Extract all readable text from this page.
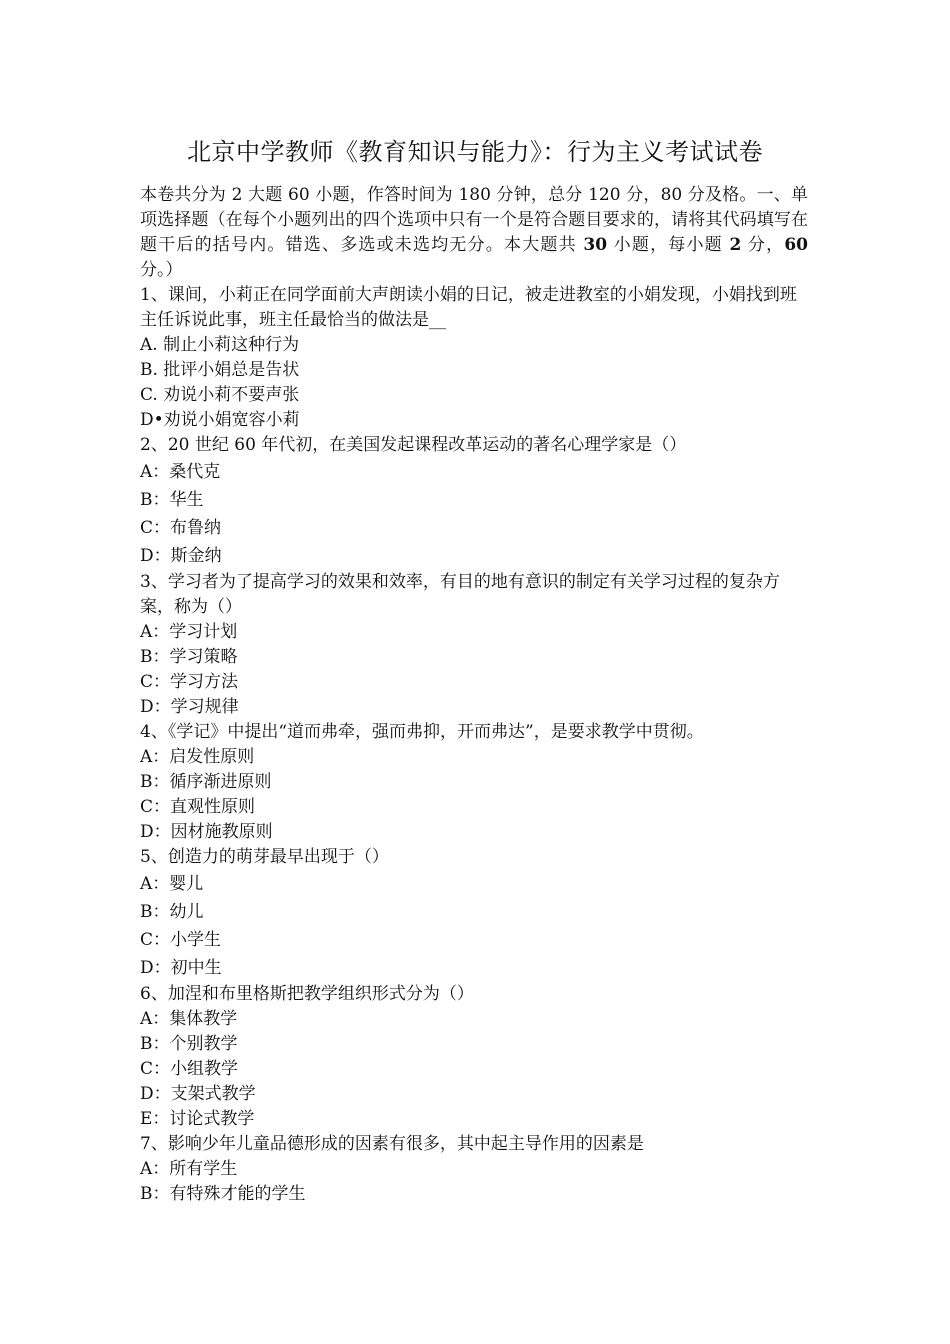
北京中学教师《教育知识与能力》：行为主义考试试卷
本卷共分为 2 大题 60 小题，作答时间为 180 分钟，总分 120 分，80 分及格。一、单项选择题（在每个小题列出的四个选项中只有一个是符合题目要求的，请将其代码填写在题干后的括号内。错选、多选或未选均无分。本大题共 30 小题，每小题 2 分，60 分。）
1、课间，小莉正在同学面前大声朗读小娟的日记，被走进教室的小娟发现，小娟找到班主任诉说此事，班主任最恰当的做法是__
A. 制止小莉这种行为
B. 批评小娟总是告状
C. 劝说小莉不要声张
D•劝说小娟宽容小莉
2、20 世纪 60 年代初，在美国发起课程改革运动的著名心理学家是（）
A：桑代克
B：华生
C：布鲁纳
D：斯金纳
3、学习者为了提高学习的效果和效率，有目的地有意识的制定有关学习过程的复杂方案，称为（）
A：学习计划
B：学习策略
C：学习方法
D：学习规律
4、《学记》中提出“道而弗牵，强而弗抑，开而弗达”，是要求教学中贯彻。
A：启发性原则
B：循序渐进原则
C：直观性原则
D：因材施教原则
5、创造力的萌芽最早出现于（）
A：婴儿
B：幼儿
C：小学生
D：初中生
6、加涅和布里格斯把教学组织形式分为（）
A：集体教学
B：个别教学
C：小组教学
D：支架式教学
E：讨论式教学
7、影响少年儿童品德形成的因素有很多，其中起主导作用的因素是
A：所有学生
B：有特殊才能的学生
